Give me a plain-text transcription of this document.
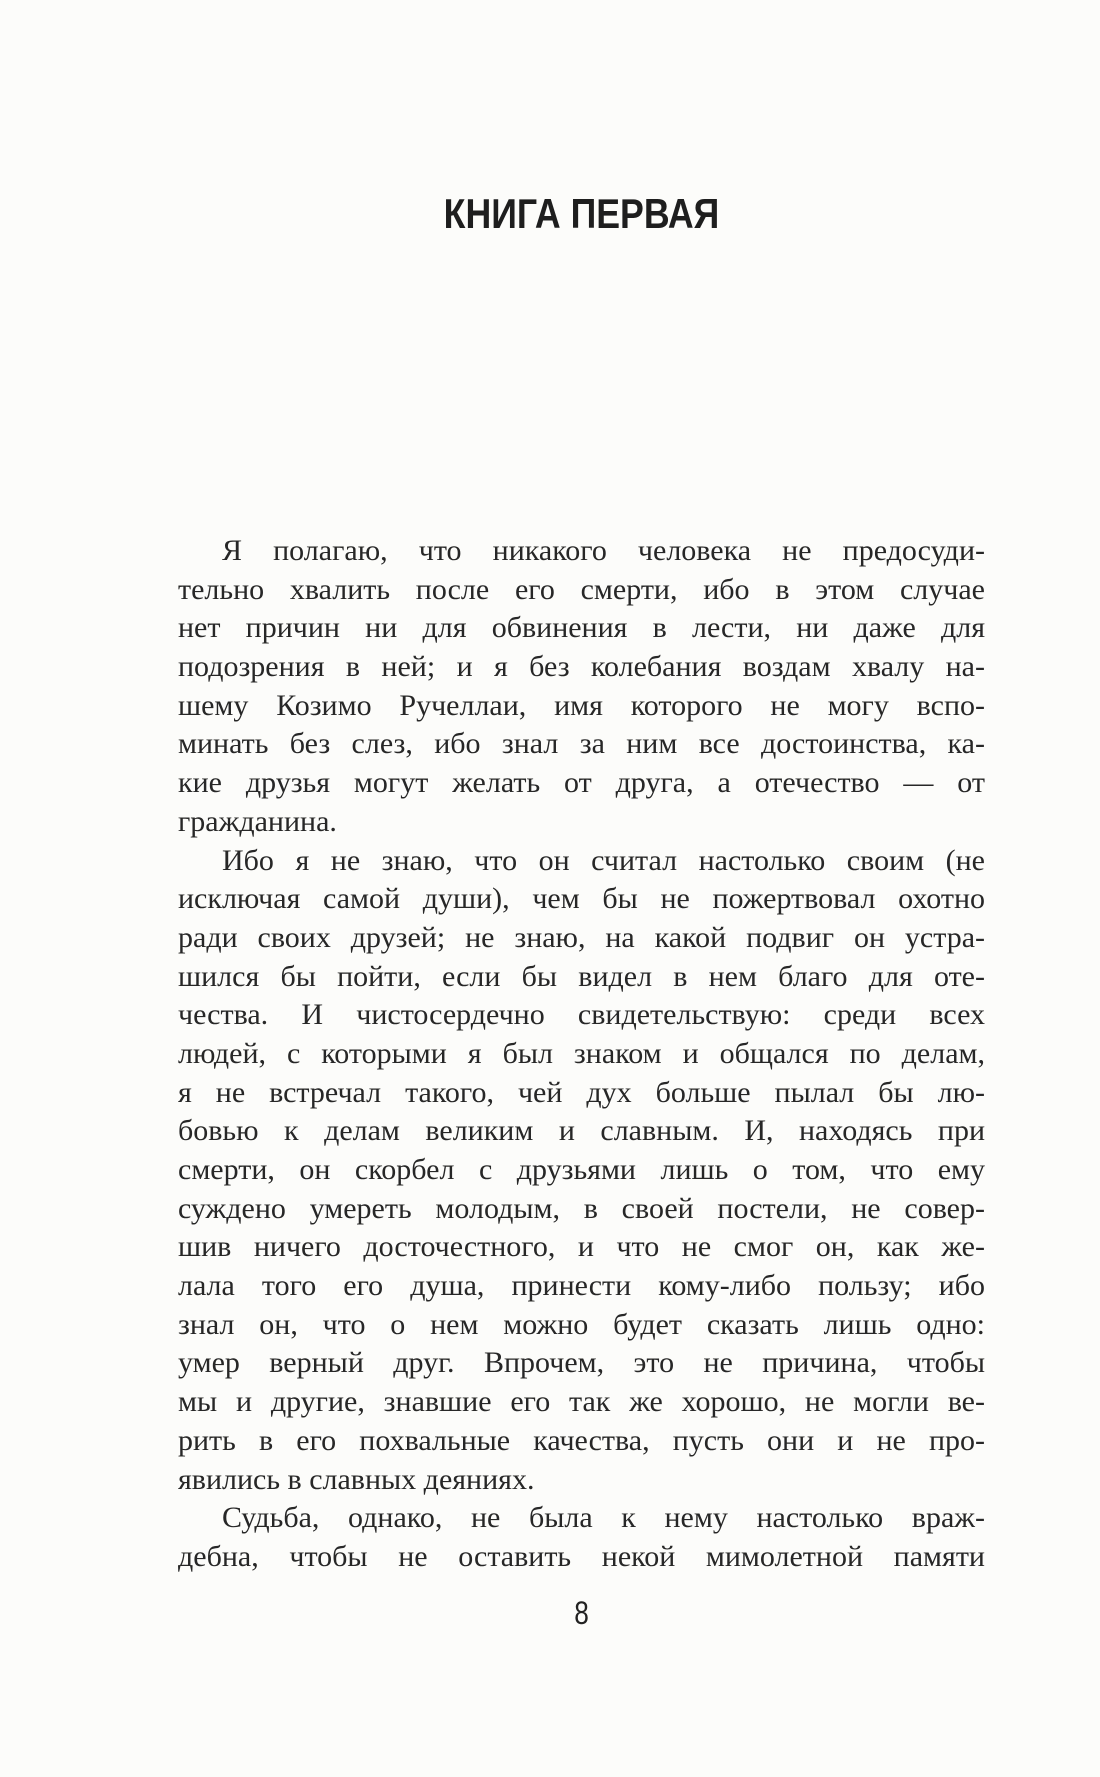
КНИГА ПЕРВАЯ
Я полагаю, что никакого человека не предосуди-
тельно хвалить после его смерти, ибо в этом случае
нет причин ни для обвинения в лести, ни даже для
подозрения в ней; и я без колебания воздам хвалу на-
шему Козимо Ручеллаи, имя которого не могу вспо-
минать без слез, ибо знал за ним все достоинства, ка-
кие друзья могут желать от друга, а отечество — от
гражданина.
Ибо я не знаю, что он считал настолько своим (не
исключая самой души), чем бы не пожертвовал охотно
ради своих друзей; не знаю, на какой подвиг он устра-
шился бы пойти, если бы видел в нем благо для оте-
чества. И чистосердечно свидетельствую: среди всех
людей, с которыми я был знаком и общался по делам,
я не встречал такого, чей дух больше пылал бы лю-
бовью к делам великим и славным. И, находясь при
смерти, он скорбел с друзьями лишь о том, что ему
суждено умереть молодым, в своей постели, не совер-
шив ничего досточестного, и что не смог он, как же-
лала того его душа, принести кому-либо пользу; ибо
знал он, что о нем можно будет сказать лишь одно:
умер верный друг. Впрочем, это не причина, чтобы
мы и другие, знавшие его так же хорошо, не могли ве-
рить в его похвальные качества, пусть они и не про-
явились в славных деяниях.
Судьба, однако, не была к нему настолько враж-
дебна, чтобы не оставить некой мимолетной памяти
8
